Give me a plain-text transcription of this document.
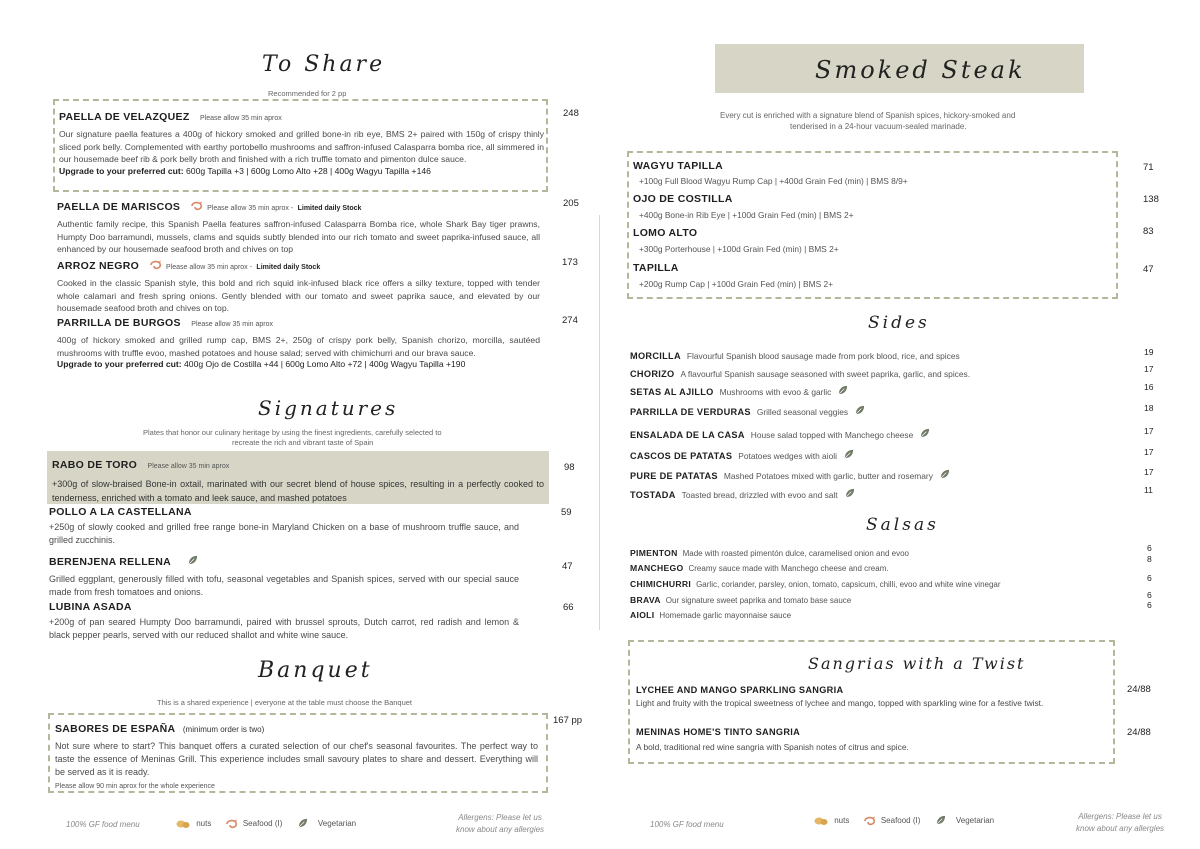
To Share
Recommended for 2 pp
PAELLA DE VELAZQUEZ Please allow 35 min aprox
Our signature paella features a 400g of hickory smoked and grilled bone-in rib eye, BMS 2+ paired with 150g of crispy thinly sliced pork belly. Complemented with earthy portobello mushrooms and saffron-infused Calasparra bomba rice, all simmered in our housemade beef rib & pork belly broth and finished with a rich truffle tomato and pimenton dulce sauce.
Upgrade to your preferred cut: 600g Tapilla +3 | 600g Lomo Alto +28 | 400g Wagyu Tapilla +146
248
PAELLA DE MARISCOS	Please allow 35 min aprox - Limited daily Stock
Authentic family recipe, this Spanish Paella features saffron-infused Calasparra Bomba rice, whole Shark Bay tiger prawns, Humpty Doo barramundi, mussels, clams and squids subtly blended into our rich tomato and sweet paprika-infused sauce, all enhanced by our housemade seafood broth and chives on top
205
ARROZ NEGRO	Please allow 35 min aprox - Limited daily Stock
Cooked in the classic Spanish style, this bold and rich squid ink-infused black rice offers a silky texture, topped with tender whole calamari and fresh spring onions. Gently blended with our tomato and sweet paprika sauce, and elevated by our housemade seafood broth and chives on top.
173
PARRILLA DE BURGOS Please allow 35 min aprox
400g of hickory smoked and grilled rump cap, BMS 2+, 250g of crispy pork belly, Spanish chorizo, morcilla, sautéed mushrooms with truffle evoo, mashed potatoes and house salad; served with chimichurri and our brava sauce.
Upgrade to your preferred cut: 400g Ojo de Costilla +44 | 600g Lomo Alto +72 | 400g Wagyu Tapilla +190
274
Signatures
Plates that honor our culinary heritage by using the finest ingredients, carefully selected to
recreate the rich and vibrant taste of Spain
RABO DE TORO Please allow 35 min aprox
+300g of slow-braised Bone-in oxtail, marinated with our secret blend of house spices, resulting in a perfectly cooked to tenderness, enriched with a tomato and leek sauce, and mashed potatoes
98
POLLO A LA CASTELLANA
+250g of slowly cooked and grilled free range bone-in Maryland Chicken on a base of mushroom truffle sauce, and grilled zucchinis.
59
BERENJENA RELLENA
Grilled eggplant, generously filled with tofu, seasonal vegetables and Spanish spices, served with our special sauce made from fresh tomatoes and onions.
47
LUBINA ASADA
+200g of pan seared Humpty Doo barramundi, paired with brussel sprouts, Dutch carrot, red radish and lemon & black pepper pearls, served with our reduced shallot and white wine sauce.
66
Banquet
This is a shared experience | everyone at the table must choose the Banquet
SABORES DE ESPAÑA (minimum order is two)
Not sure where to start? This banquet offers a curated selection of our chef's seasonal favourites. The perfect way to taste the essence of Meninas Grill. This experience includes small savoury plates to share and dessert. Everything will be served as it is ready.
Please allow 90 min aprox for the whole experience
167 pp
100% GF food menu	nuts	Seafood (I)	Vegetarian
Allergens: Please let us
know about any allergies
Smoked Steak
Every cut is enriched with a signature blend of Spanish spices, hickory-smoked and
tenderised in a 24-hour vacuum-sealed marinade.
WAGYU TAPILLA
+100g Full Blood Wagyu Rump Cap | +400d Grain Fed (min) | BMS 8/9+
71
OJO DE COSTILLA
+400g Bone-in Rib Eye | +100d Grain Fed (min) | BMS 2+
138
LOMO ALTO
+300g Porterhouse | +100d Grain Fed (min) | BMS 2+
83
TAPILLA
+200g Rump Cap | +100d Grain Fed (min) | BMS 2+
47
Sides
MORCILLA Flavourful Spanish blood sausage made from pork blood, rice, and spices	19
CHORIZO A flavourful Spanish sausage seasoned with sweet paprika, garlic, and spices.	17
SETAS AL AJILLO Mushrooms with evoo & garlic	16
PARRILLA DE VERDURAS Grilled seasonal veggies	18
ENSALADA DE LA CASA House salad topped with Manchego cheese	17
CASCOS DE PATATAS Potatoes wedges with aioli	17
PURE DE PATATAS Mashed Potatoes mixed with garlic, butter and rosemary	17
TOSTADA Toasted bread, drizzled with evoo and salt	11
Salsas
PIMENTON Made with roasted pimentón dulce, caramelised onion and evoo
6
MANCHEGO Creamy sauce made with Manchego cheese and cream.
8
CHIMICHURRI Garlic, coriander, parsley, onion, tomato, capsicum, chilli, evoo and white wine vinegar
6
BRAVA Our signature sweet paprika and tomato base sauce
6
AIOLI Homemade garlic mayonnaise sauce
6
Sangrias with a Twist
LYCHEE AND MANGO SPARKLING SANGRIA
Light and fruity with the tropical sweetness of lychee and mango, topped with sparkling wine for a festive twist.
24/88
MENINAS HOME'S TINTO SANGRIA
A bold, traditional red wine sangria with Spanish notes of citrus and spice.
24/88
100% GF food menu	nuts	Seafood (I)	Vegetarian	Allergens: Please let us
know about any allergies
